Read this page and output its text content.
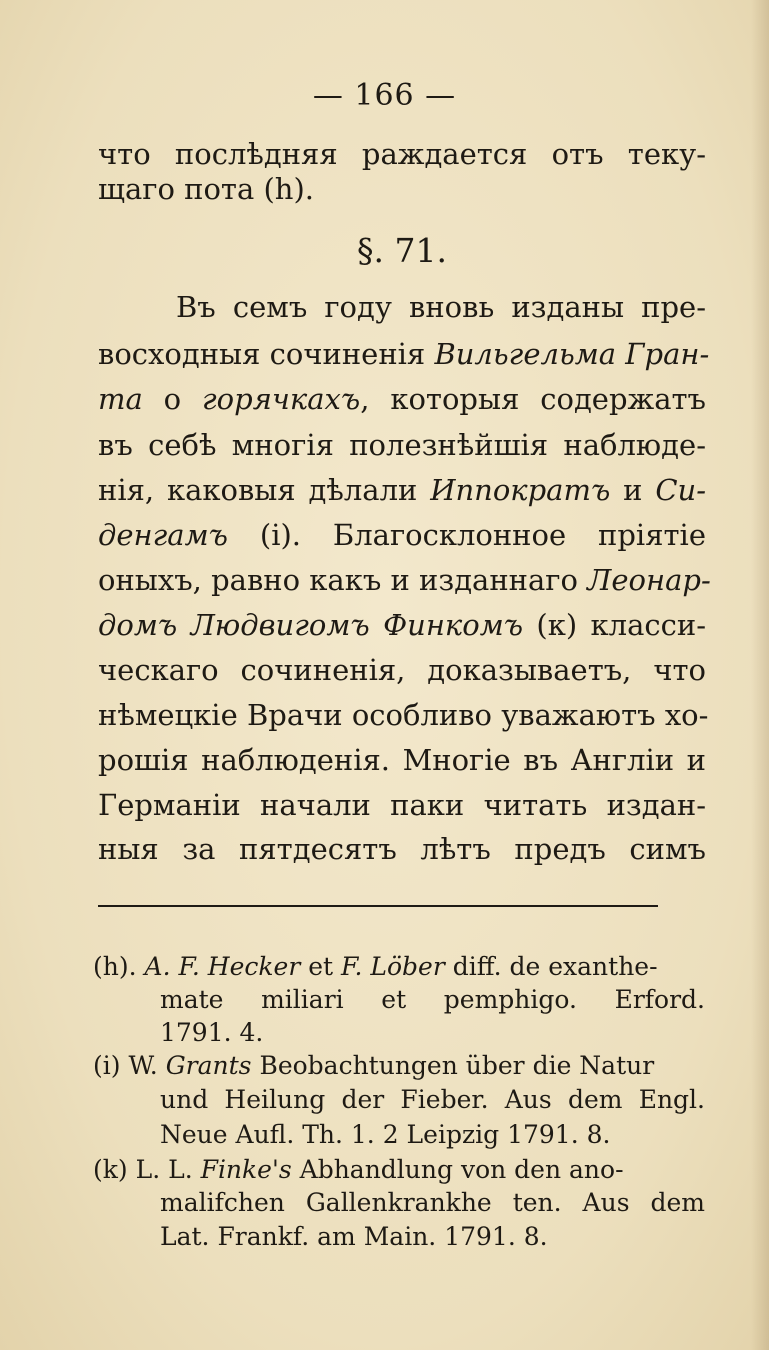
— 166 —
что послѣдняя раждается отъ теку-
щаго пота (h).
§. 71.
Въ семъ году вновь изданы пре-
восходныя сочиненія Вильгельма Гран-
та о горячкахъ, которыя содержатъ
въ себѣ многія полезнѣйшія наблюде-
нія, каковыя дѣлали Иппократъ и Си-
денгамъ (i). Благосклонное пріятіе
оныхъ, равно какъ и изданнаго Леонар-
домъ Людвигомъ Финкомъ (к) класси-
ческаго сочиненія, доказываетъ, что
нѣмецкіе Врачи особливо уважаютъ хо-
рошія наблюденія. Многіе въ Англіи и
Германіи начали паки читать издан-
ныя за пятдесятъ лѣтъ предъ симъ
(h). A. F. Hecker et F. Löber diff. de exanthe-
mate miliari et pemphigo. Erford.
1791. 4.
(i) W. Grants Beobachtungen über die Natur
und Heilung der Fieber. Aus dem Engl.
Neue Aufl. Th. 1. 2 Leipzig 1791. 8.
(k) L. L. Finke's Abhandlung von den ano-
malifchen Gallenkrankhe ten. Aus dem
Lat. Frankf. am Main. 1791. 8.
